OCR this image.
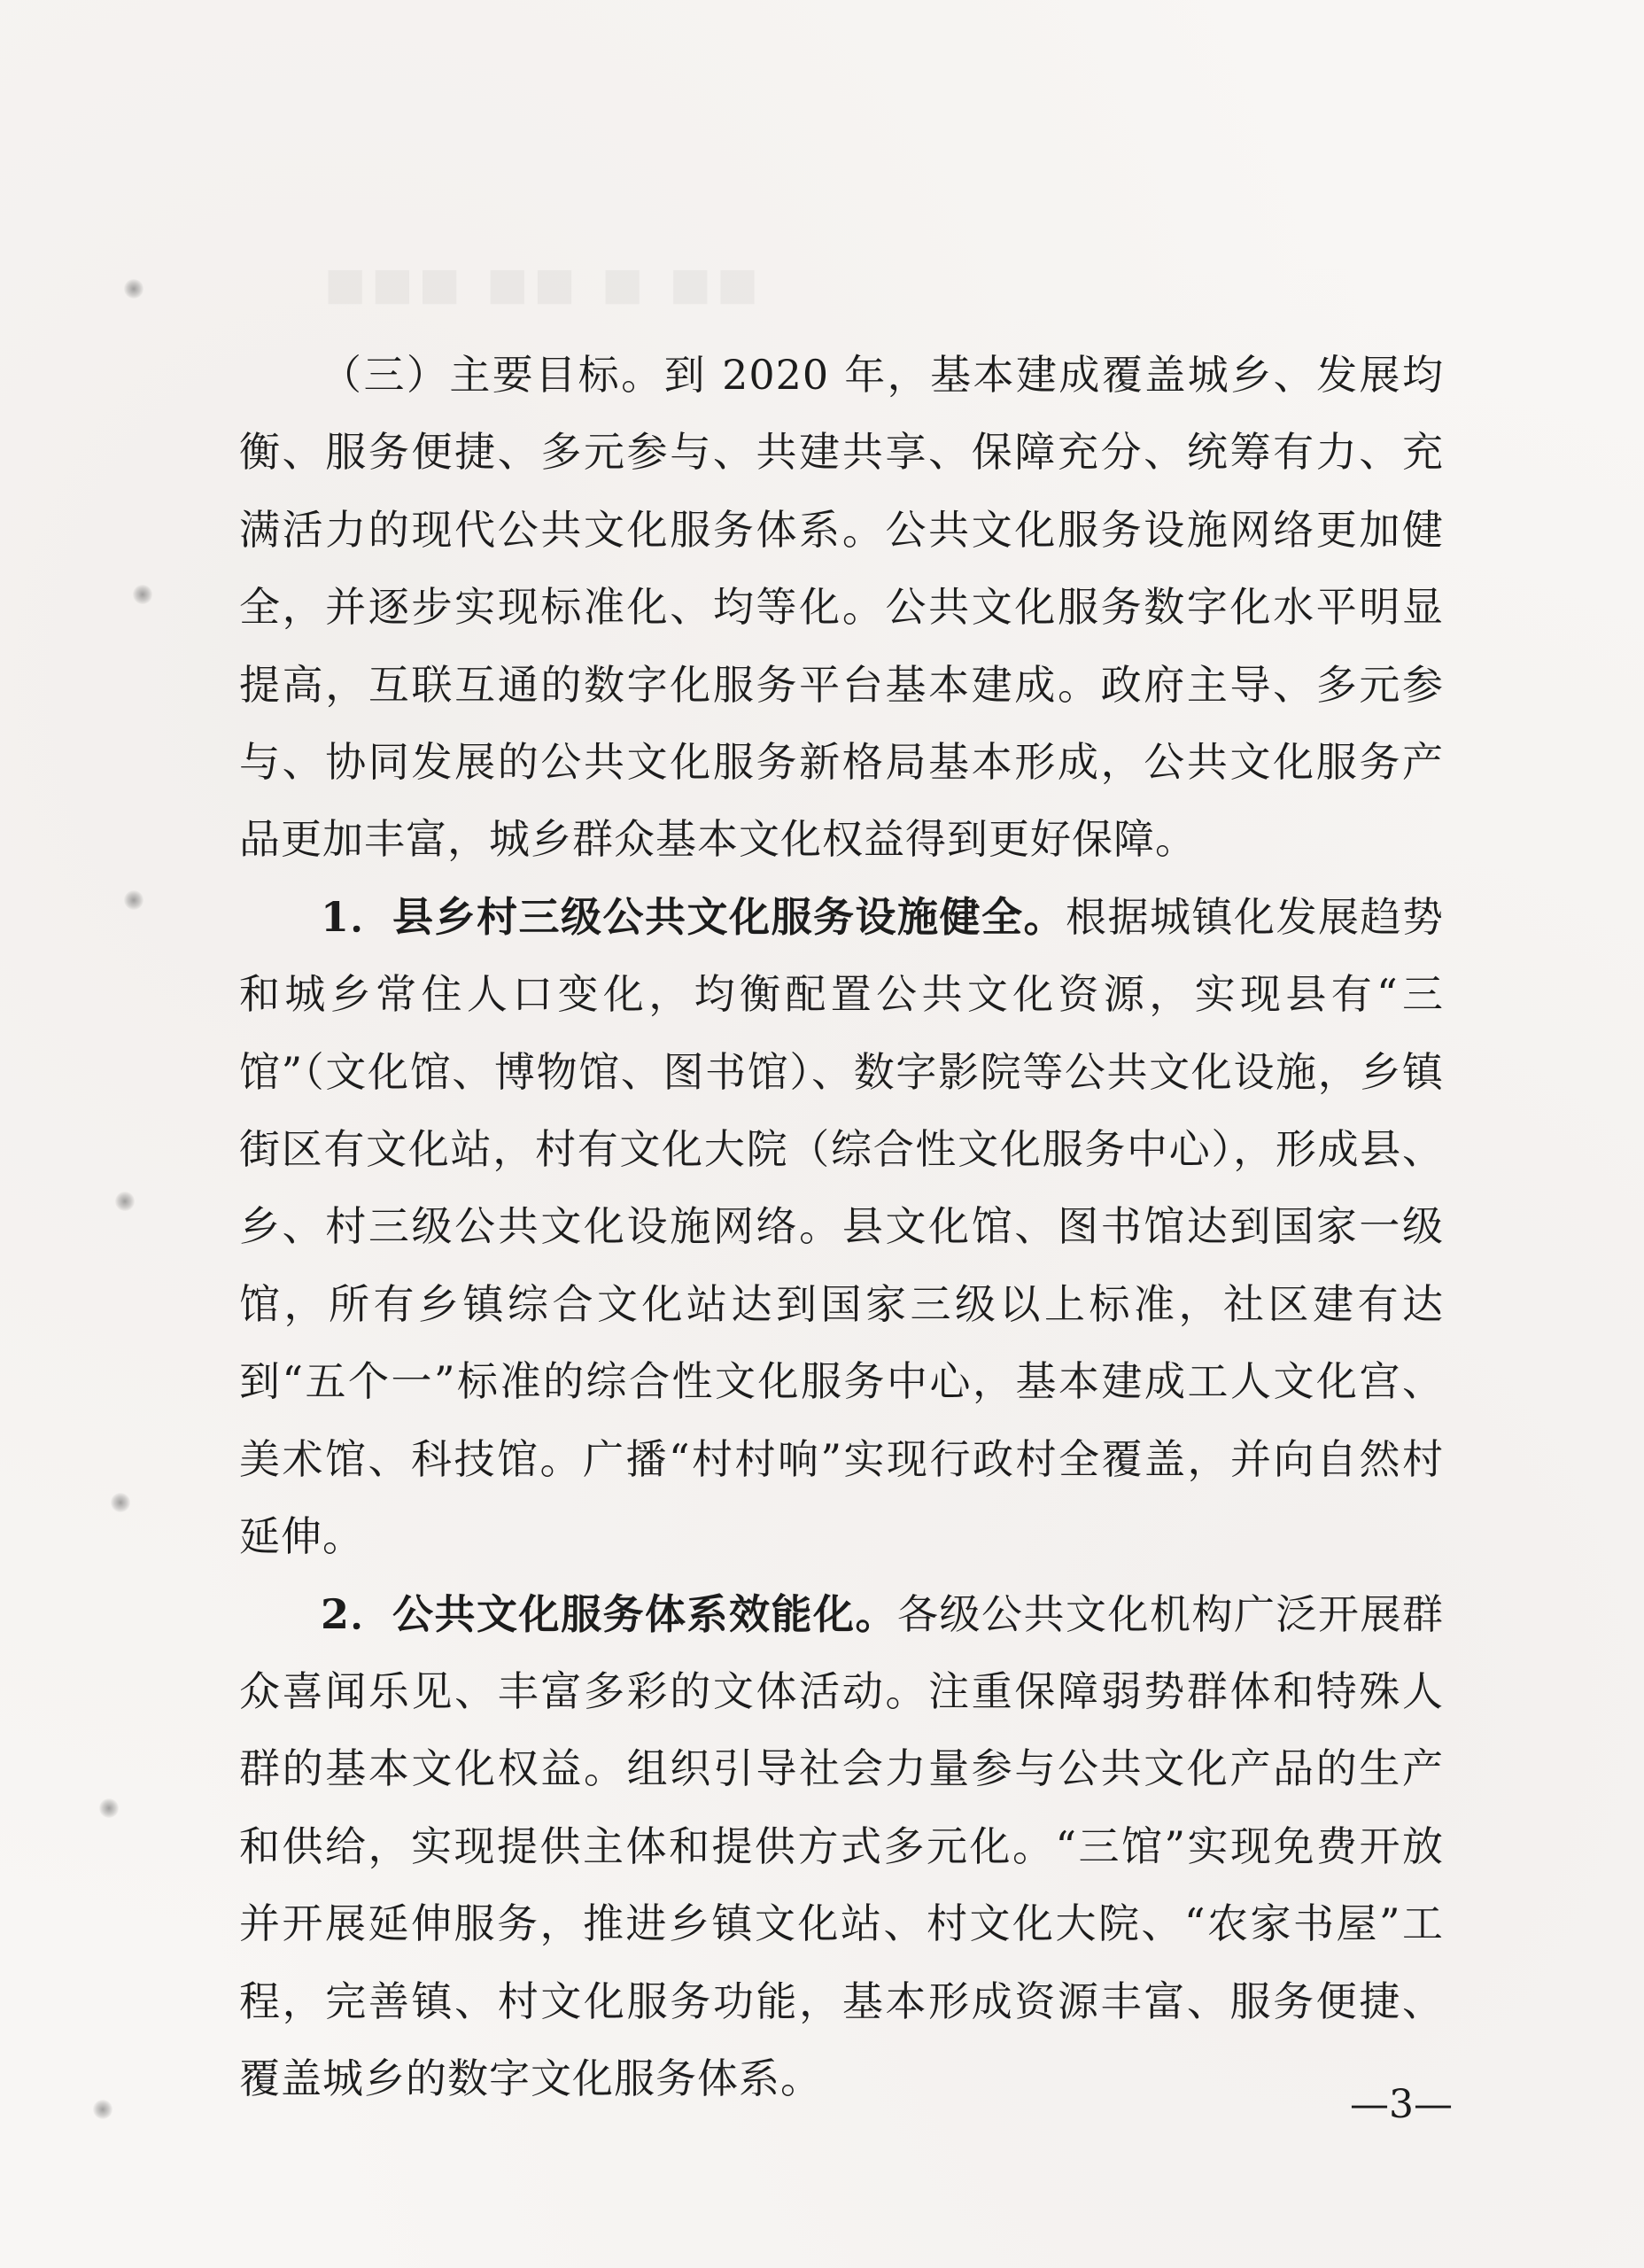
■■ ■ ■■ ■■■

（三）主要目标。到 2020 年，基本建成覆盖城乡、发展均衡、服务便捷、多元参与、共建共享、保障充分、统筹有力、充满活力的现代公共文化服务体系。公共文化服务设施网络更加健全，并逐步实现标准化、均等化。公共文化服务数字化水平明显提高，互联互通的数字化服务平台基本建成。政府主导、多元参与、协同发展的公共文化服务新格局基本形成，公共文化服务产品更加丰富，城乡群众基本文化权益得到更好保障。

1．县乡村三级公共文化服务设施健全。根据城镇化发展趋势和城乡常住人口变化，均衡配置公共文化资源，实现县有“三馆”（文化馆、博物馆、图书馆）、数字影院等公共文化设施，乡镇街区有文化站，村有文化大院（综合性文化服务中心），形成县、乡、村三级公共文化设施网络。县文化馆、图书馆达到国家一级馆，所有乡镇综合文化站达到国家三级以上标准，社区建有达到“五个一”标准的综合性文化服务中心，基本建成工人文化宫、美术馆、科技馆。广播“村村响”实现行政村全覆盖，并向自然村延伸。

2．公共文化服务体系效能化。各级公共文化机构广泛开展群众喜闻乐见、丰富多彩的文体活动。注重保障弱势群体和特殊人群的基本文化权益。组织引导社会力量参与公共文化产品的生产和供给，实现提供主体和提供方式多元化。“三馆”实现免费开放并开展延伸服务，推进乡镇文化站、村文化大院、“农家书屋”工程，完善镇、村文化服务功能，基本形成资源丰富、服务便捷、覆盖城乡的数字文化服务体系。

—3—
